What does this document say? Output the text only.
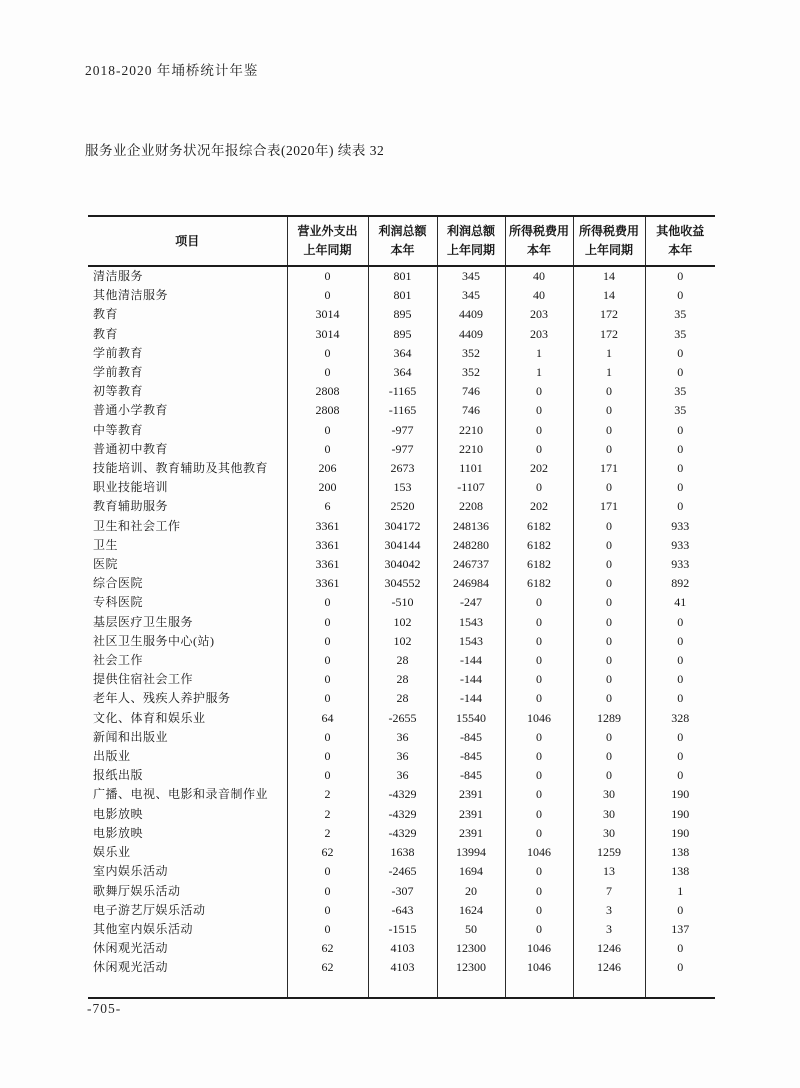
2018-2020 年埇桥统计年鉴
服务业企业财务状况年报综合表(2020年) 续表 32
项目

营业外支出
上年同期

利润总额
本年

利润总额
上年同期

所得税费用
本年

所得税费用
上年同期

其他收益
本年

清洁服务	0	801	345	40	14	0
其他清洁服务	0	801	345	40	14	0
教育	3014	895	4409	203	172	35
教育	3014	895	4409	203	172	35
学前教育	0	364	352	1	1	0
学前教育	0	364	352	1	1	0
初等教育	2808	-1165	746	0	0	35
普通小学教育	2808	-1165	746	0	0	35
中等教育	0	-977	2210	0	0	0
普通初中教育	0	-977	2210	0	0	0
技能培训、教育辅助及其他教育	206	2673	1101	202	171	0
职业技能培训	200	153	-1107	0	0	0
教育辅助服务	6	2520	2208	202	171	0
卫生和社会工作	3361	304172	248136	6182	0	933
卫生	3361	304144	248280	6182	0	933
医院	3361	304042	246737	6182	0	933
综合医院	3361	304552	246984	6182	0	892
专科医院	0	-510	-247	0	0	41
基层医疗卫生服务	0	102	1543	0	0	0
社区卫生服务中心(站)	0	102	1543	0	0	0
社会工作	0	28	-144	0	0	0
提供住宿社会工作	0	28	-144	0	0	0
老年人、残疾人养护服务	0	28	-144	0	0	0
文化、体育和娱乐业	64	-2655	15540	1046	1289	328
新闻和出版业	0	36	-845	0	0	0
出版业	0	36	-845	0	0	0
报纸出版	0	36	-845	0	0	0
广播、电视、电影和录音制作业	2	-4329	2391	0	30	190
电影放映	2	-4329	2391	0	30	190
电影放映	2	-4329	2391	0	30	190
娱乐业	62	1638	13994	1046	1259	138
室内娱乐活动	0	-2465	1694	0	13	138
歌舞厅娱乐活动	0	-307	20	0	7	1
电子游艺厅娱乐活动	0	-643	1624	0	3	0
其他室内娱乐活动	0	-1515	50	0	3	137
休闲观光活动	62	4103	12300	1046	1246	0
休闲观光活动	62	4103	12300	1046	1246	0

-705-
